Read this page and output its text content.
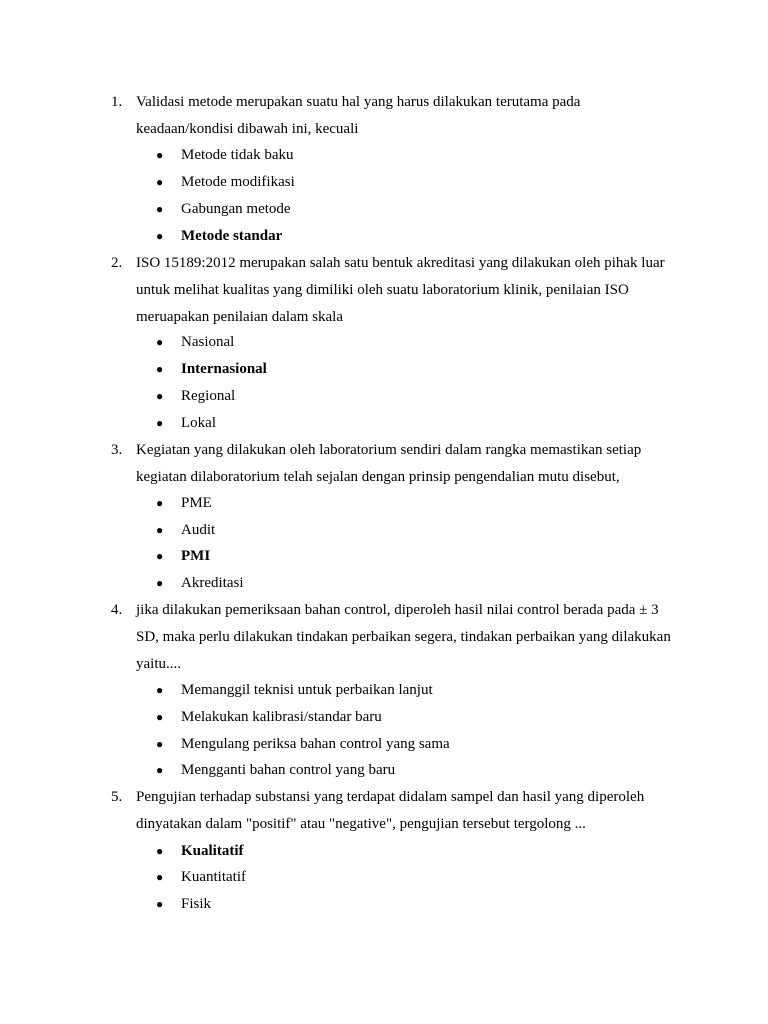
1. Validasi metode merupakan suatu hal yang harus dilakukan terutama pada keadaan/kondisi dibawah ini, kecuali
● Metode tidak baku
● Metode modifikasi
● Gabungan metode
● Metode standar
2. ISO 15189:2012 merupakan salah satu bentuk akreditasi yang dilakukan oleh pihak luar untuk melihat kualitas yang dimiliki oleh suatu laboratorium klinik, penilaian ISO meruapakan penilaian dalam skala
● Nasional
● Internasional
● Regional
● Lokal
3. Kegiatan yang dilakukan oleh laboratorium sendiri dalam rangka memastikan setiap kegiatan dilaboratorium telah sejalan dengan prinsip pengendalian mutu disebut,
● PME
● Audit
● PMI
● Akreditasi
4. jika dilakukan pemeriksaan bahan control, diperoleh hasil nilai control berada pada ± 3 SD, maka perlu dilakukan tindakan perbaikan segera, tindakan perbaikan yang dilakukan yaitu....
● Memanggil teknisi untuk perbaikan lanjut
● Melakukan kalibrasi/standar baru
● Mengulang periksa bahan control yang sama
● Mengganti bahan control yang baru
5. Pengujian terhadap substansi yang terdapat didalam sampel dan hasil yang diperoleh dinyatakan dalam "positif" atau "negative", pengujian tersebut tergolong ...
● Kualitatif
● Kuantitatif
● Fisik
